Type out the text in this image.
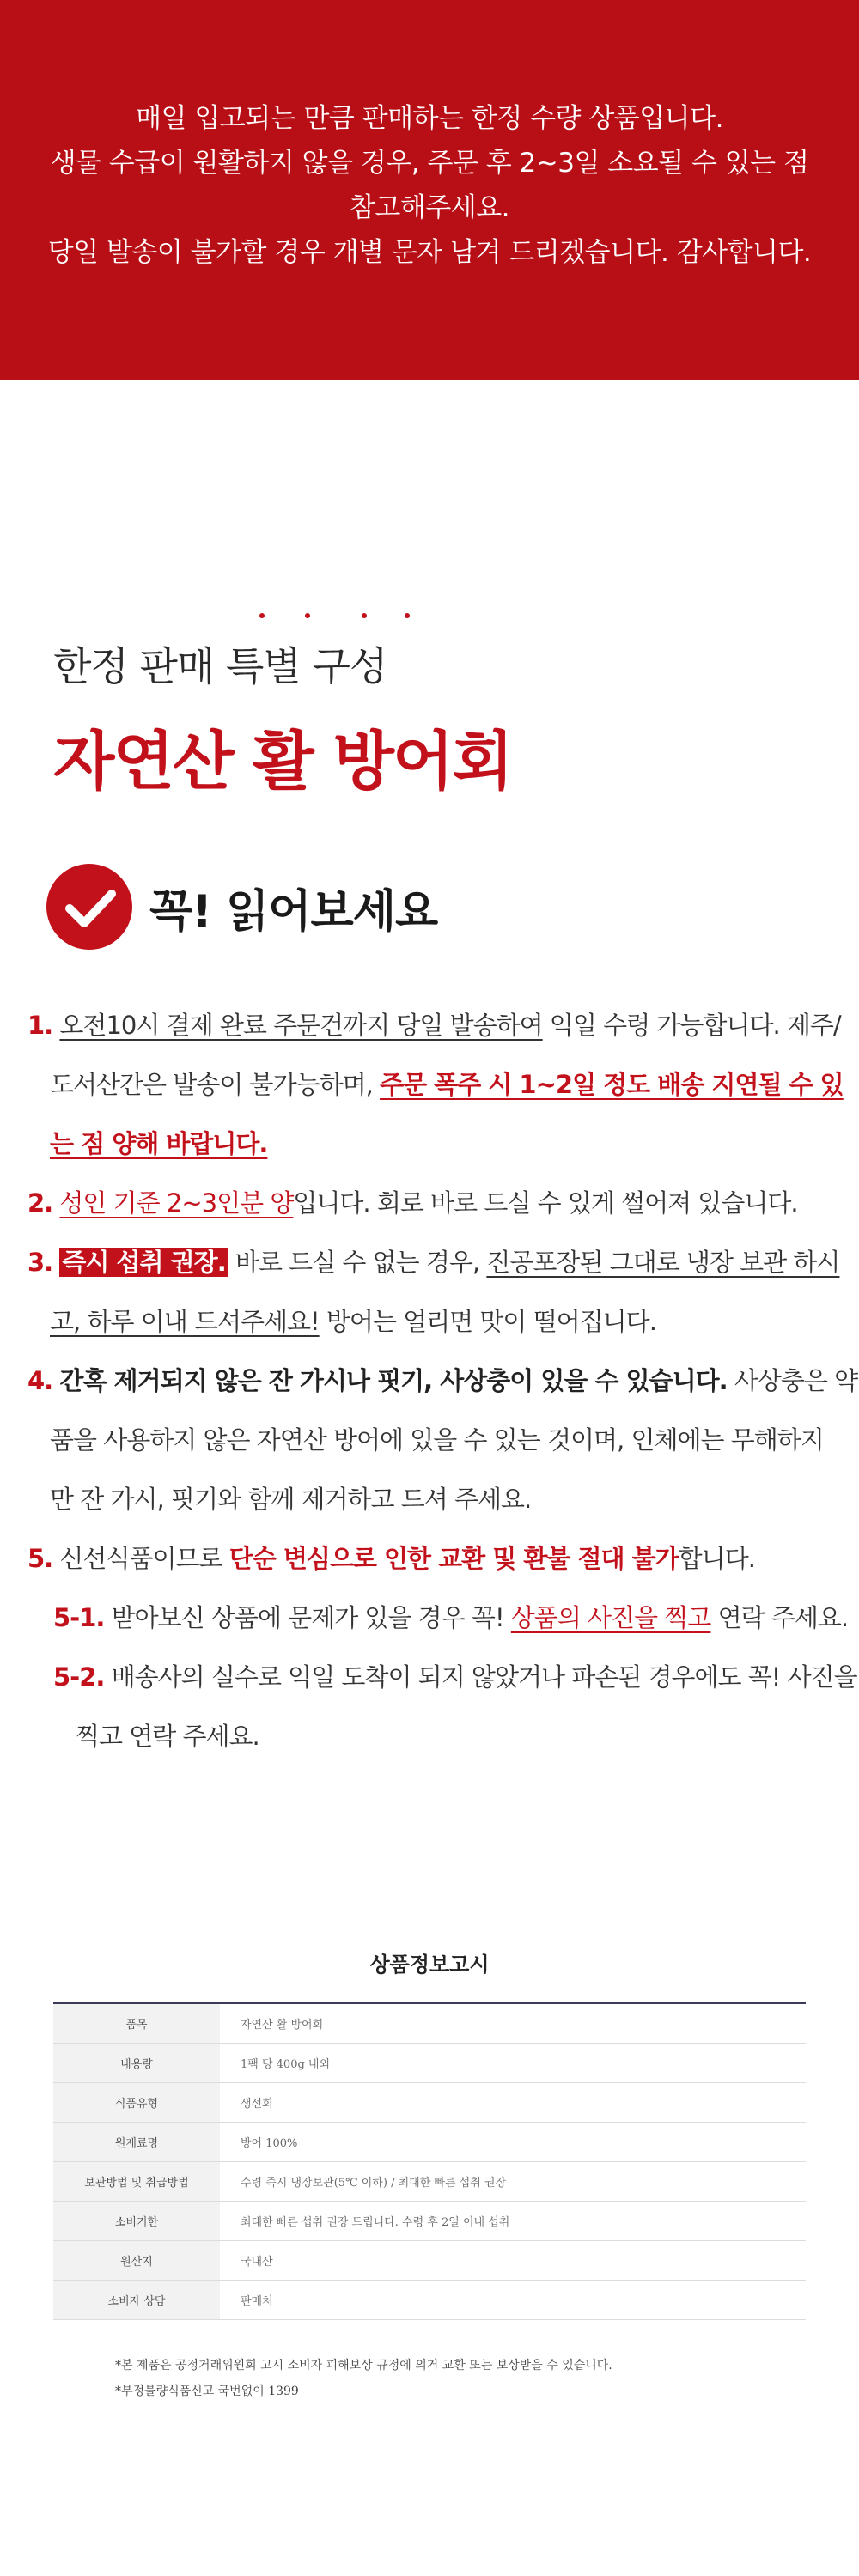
매일 입고되는 만큼 판매하는 한정 수량 상품입니다.
생물 수급이 원활하지 않을 경우, 주문 후 2~3일 소요될 수 있는 점
참고해주세요.
당일 발송이 불가할 경우 개별 문자 남겨 드리겠습니다. 감사합니다.
한정 판매 특별 구성
자연산 활 방어회
꼭! 읽어보세요
1. 오전10시 결제 완료 주문건까지 당일 발송하여 익일 수령 가능합니다. 제주/
도서산간은 발송이 불가능하며, 주문 폭주 시 1~2일 정도 배송 지연될 수 있
는 점 양해 바랍니다.
2. 성인 기준 2~3인분 양입니다. 회로 바로 드실 수 있게 썰어져 있습니다.
3. 즉시 섭취 권장. 바로 드실 수 없는 경우, 진공포장된 그대로 냉장 보관 하시
고, 하루 이내 드셔주세요! 방어는 얼리면 맛이 떨어집니다.
4. 간혹 제거되지 않은 잔 가시나 핏기, 사상충이 있을 수 있습니다. 사상충은 약
품을 사용하지 않은 자연산 방어에 있을 수 있는 것이며, 인체에는 무해하지
만 잔 가시, 핏기와 함께 제거하고 드셔 주세요.
5. 신선식품이므로 단순 변심으로 인한 교환 및 환불 절대 불가합니다.
5-1. 받아보신 상품에 문제가 있을 경우 꼭! 상품의 사진을 찍고 연락 주세요.
5-2. 배송사의 실수로 익일 도착이 되지 않았거나 파손된 경우에도 꼭! 사진을
찍고 연락 주세요.
상품정보고시
품목	자연산 활 방어회
내용량	1팩 당 400g 내외
식품유형	생선회
원재료명	방어 100%
보관방법 및 취급방법	수령 즉시 냉장보관(5℃ 이하) / 최대한 빠른 섭취 권장
소비기한	최대한 빠른 섭취 권장 드립니다. 수령 후 2일 이내 섭취
원산지	국내산
소비자 상담	판매처
*본 제품은 공정거래위원회 고시 소비자 피해보상 규정에 의거 교환 또는 보상받을 수 있습니다.
*부정불량식품신고 국번없이 1399
